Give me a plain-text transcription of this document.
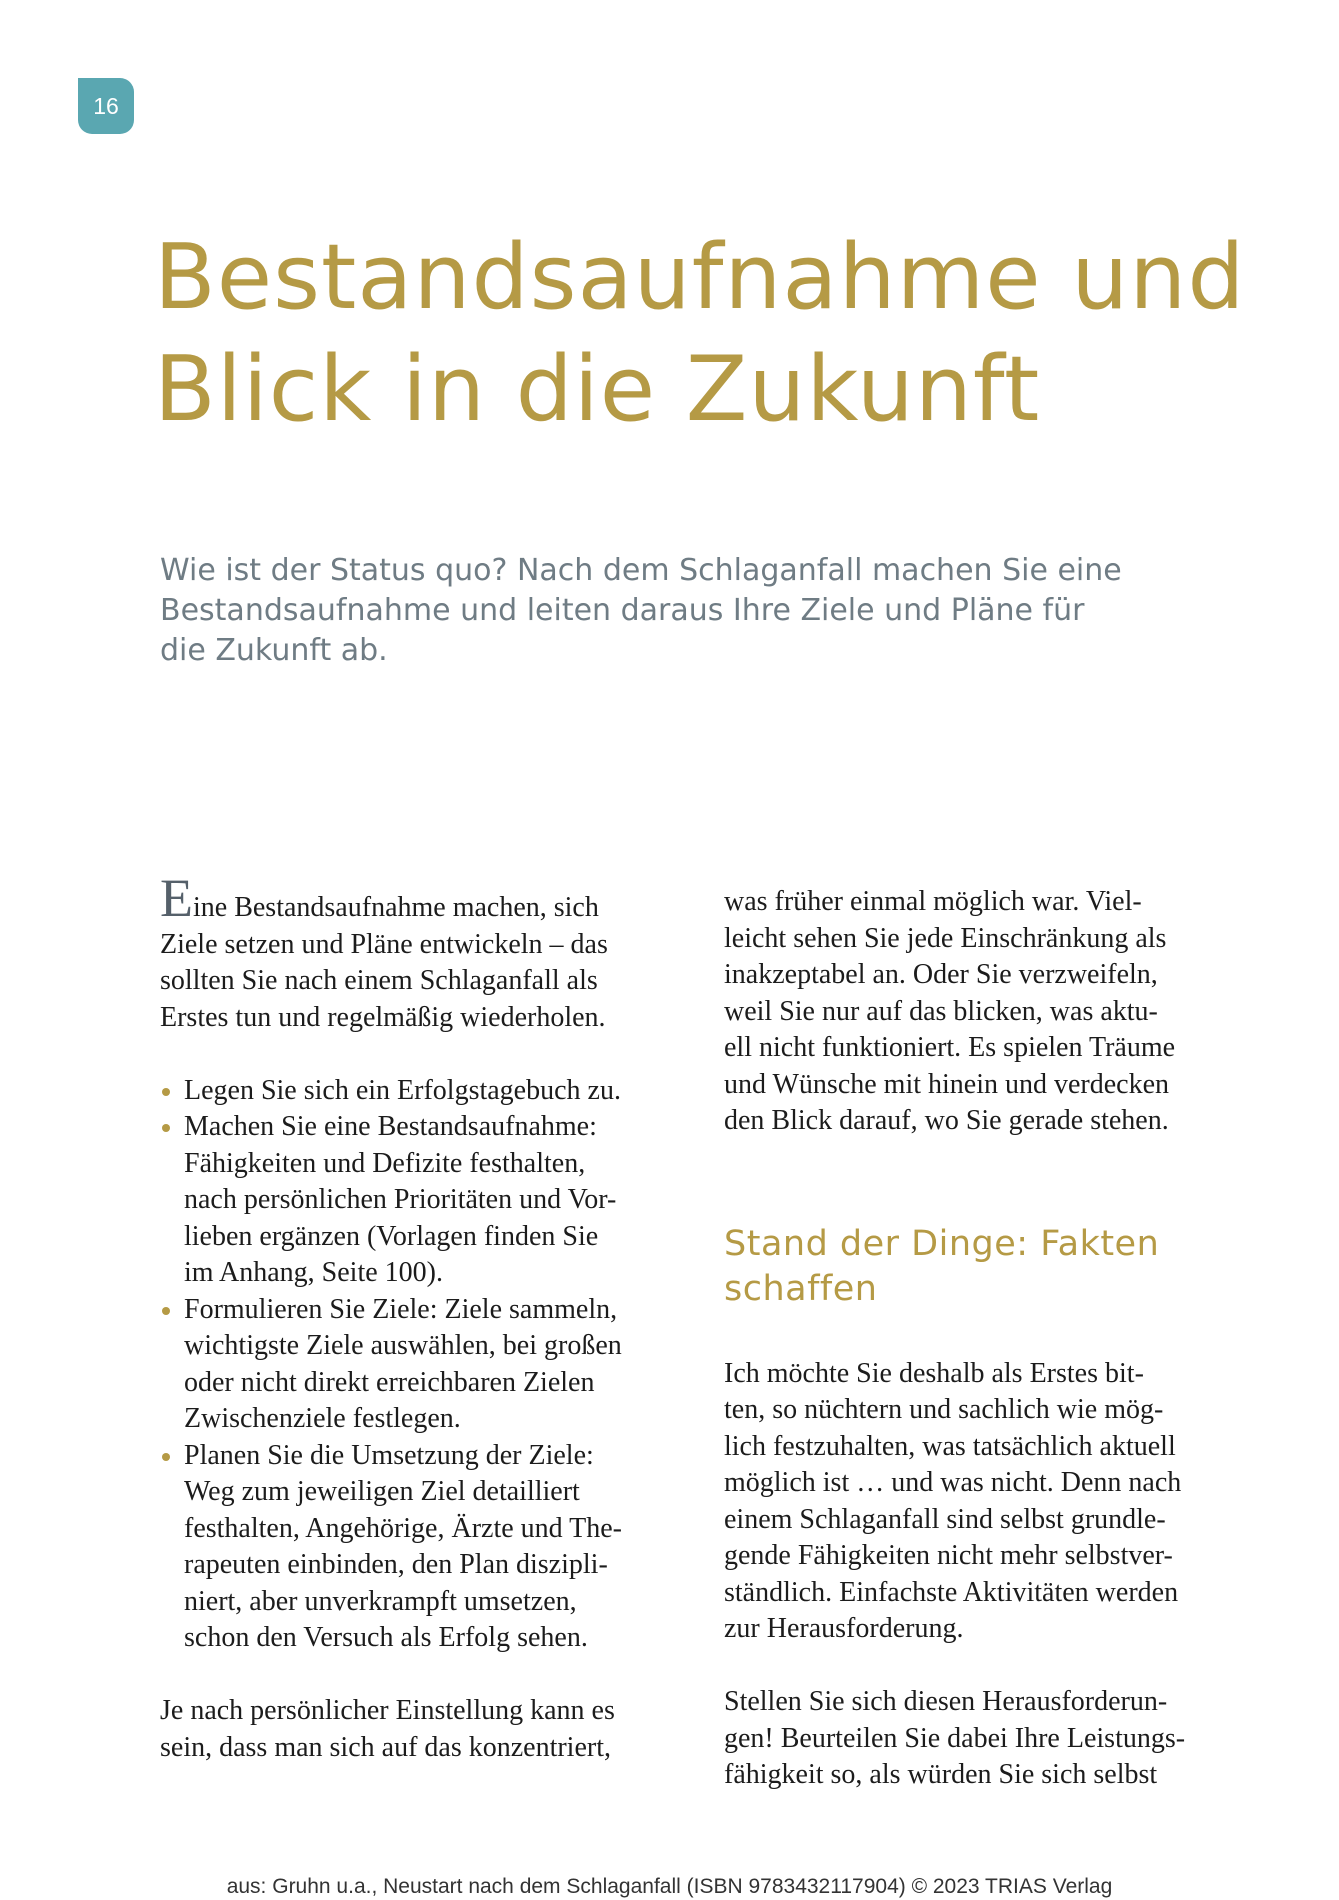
16
Bestandsaufnahme und
Blick in die Zukunft

Wie ist der Status quo? Nach dem Schlaganfall machen Sie eine
Bestandsaufnahme und leiten daraus Ihre Ziele und Pläne für
die Zukunft ab.

Eine Bestandsaufnahme machen, sich
Ziele setzen und Pläne entwickeln – das
sollten Sie nach einem Schlaganfall als
Erstes tun und regelmäßig wiederholen.

Legen Sie sich ein Erfolgstagebuch zu.
Machen Sie eine Bestandsaufnahme:
Fähigkeiten und Defizite festhalten,
nach persönlichen Prioritäten und Vor-
lieben ergänzen (Vorlagen finden Sie
im Anhang, Seite 100).
Formulieren Sie Ziele: Ziele sammeln,
wichtigste Ziele auswählen, bei großen
oder nicht direkt erreichbaren Zielen
Zwischenziele festlegen.
Planen Sie die Umsetzung der Ziele:
Weg zum jeweiligen Ziel detailliert
festhalten, Angehörige, Ärzte und The-
rapeuten einbinden, den Plan diszipli-
niert, aber unverkrampft umsetzen,
schon den Versuch als Erfolg sehen.

Je nach persönlicher Einstellung kann es
sein, dass man sich auf das konzentriert,

was früher einmal möglich war. Viel-
leicht sehen Sie jede Einschränkung als
inakzeptabel an. Oder Sie verzweifeln,
weil Sie nur auf das blicken, was aktu-
ell nicht funktioniert. Es spielen Träume
und Wünsche mit hinein und verdecken
den Blick darauf, wo Sie gerade stehen.

Stand der Dinge: Fakten
schaffen

Ich möchte Sie deshalb als Erstes bit-
ten, so nüchtern und sachlich wie mög-
lich festzuhalten, was tatsächlich aktuell
möglich ist … und was nicht. Denn nach
einem Schlaganfall sind selbst grundle-
gende Fähigkeiten nicht mehr selbstver-
ständlich. Einfachste Aktivitäten werden
zur Herausforderung.

Stellen Sie sich diesen Herausforderun-
gen! Beurteilen Sie dabei Ihre Leistungs-
fähigkeit so, als würden Sie sich selbst

aus: Gruhn u.a., Neustart nach dem Schlaganfall (ISBN 9783432117904) © 2023 TRIAS Verlag
